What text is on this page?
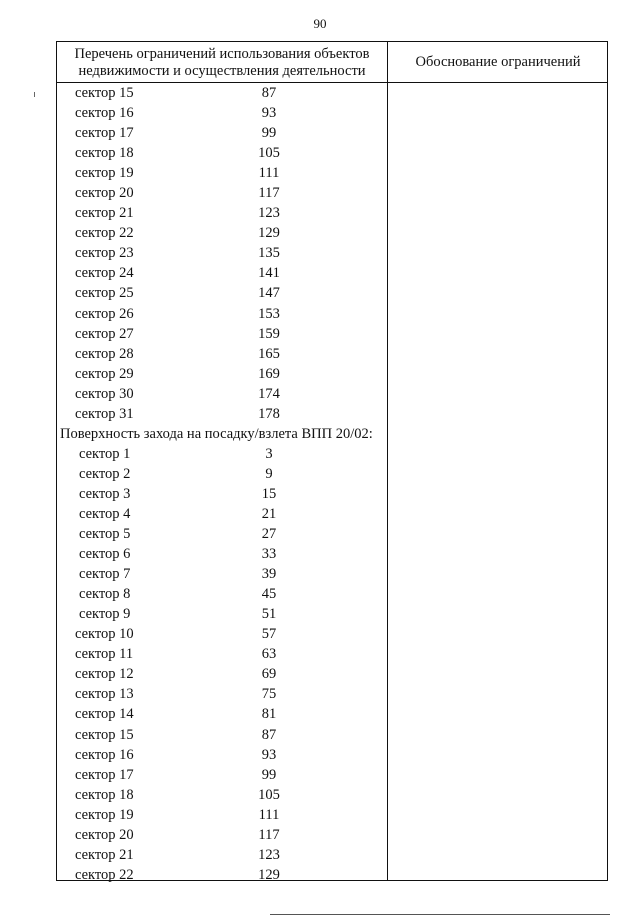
90
Перечень ограничений использования объектов недвижимости и осуществления деятельности
Обоснование ограничений
сектор 15	87
сектор 16	93
сектор 17	99
сектор 18	105
сектор 19	111
сектор 20	117
сектор 21	123
сектор 22	129
сектор 23	135
сектор 24	141
сектор 25	147
сектор 26	153
сектор 27	159
сектор 28	165
сектор 29	169
сектор 30	174
сектор 31	178
Поверхность захода на посадку/взлета ВПП 20/02:
сектор 1	3
сектор 2	9
сектор 3	15
сектор 4	21
сектор 5	27
сектор 6	33
сектор 7	39
сектор 8	45
сектор 9	51
сектор 10	57
сектор 11	63
сектор 12	69
сектор 13	75
сектор 14	81
сектор 15	87
сектор 16	93
сектор 17	99
сектор 18	105
сектор 19	111
сектор 20	117
сектор 21	123
сектор 22	129
